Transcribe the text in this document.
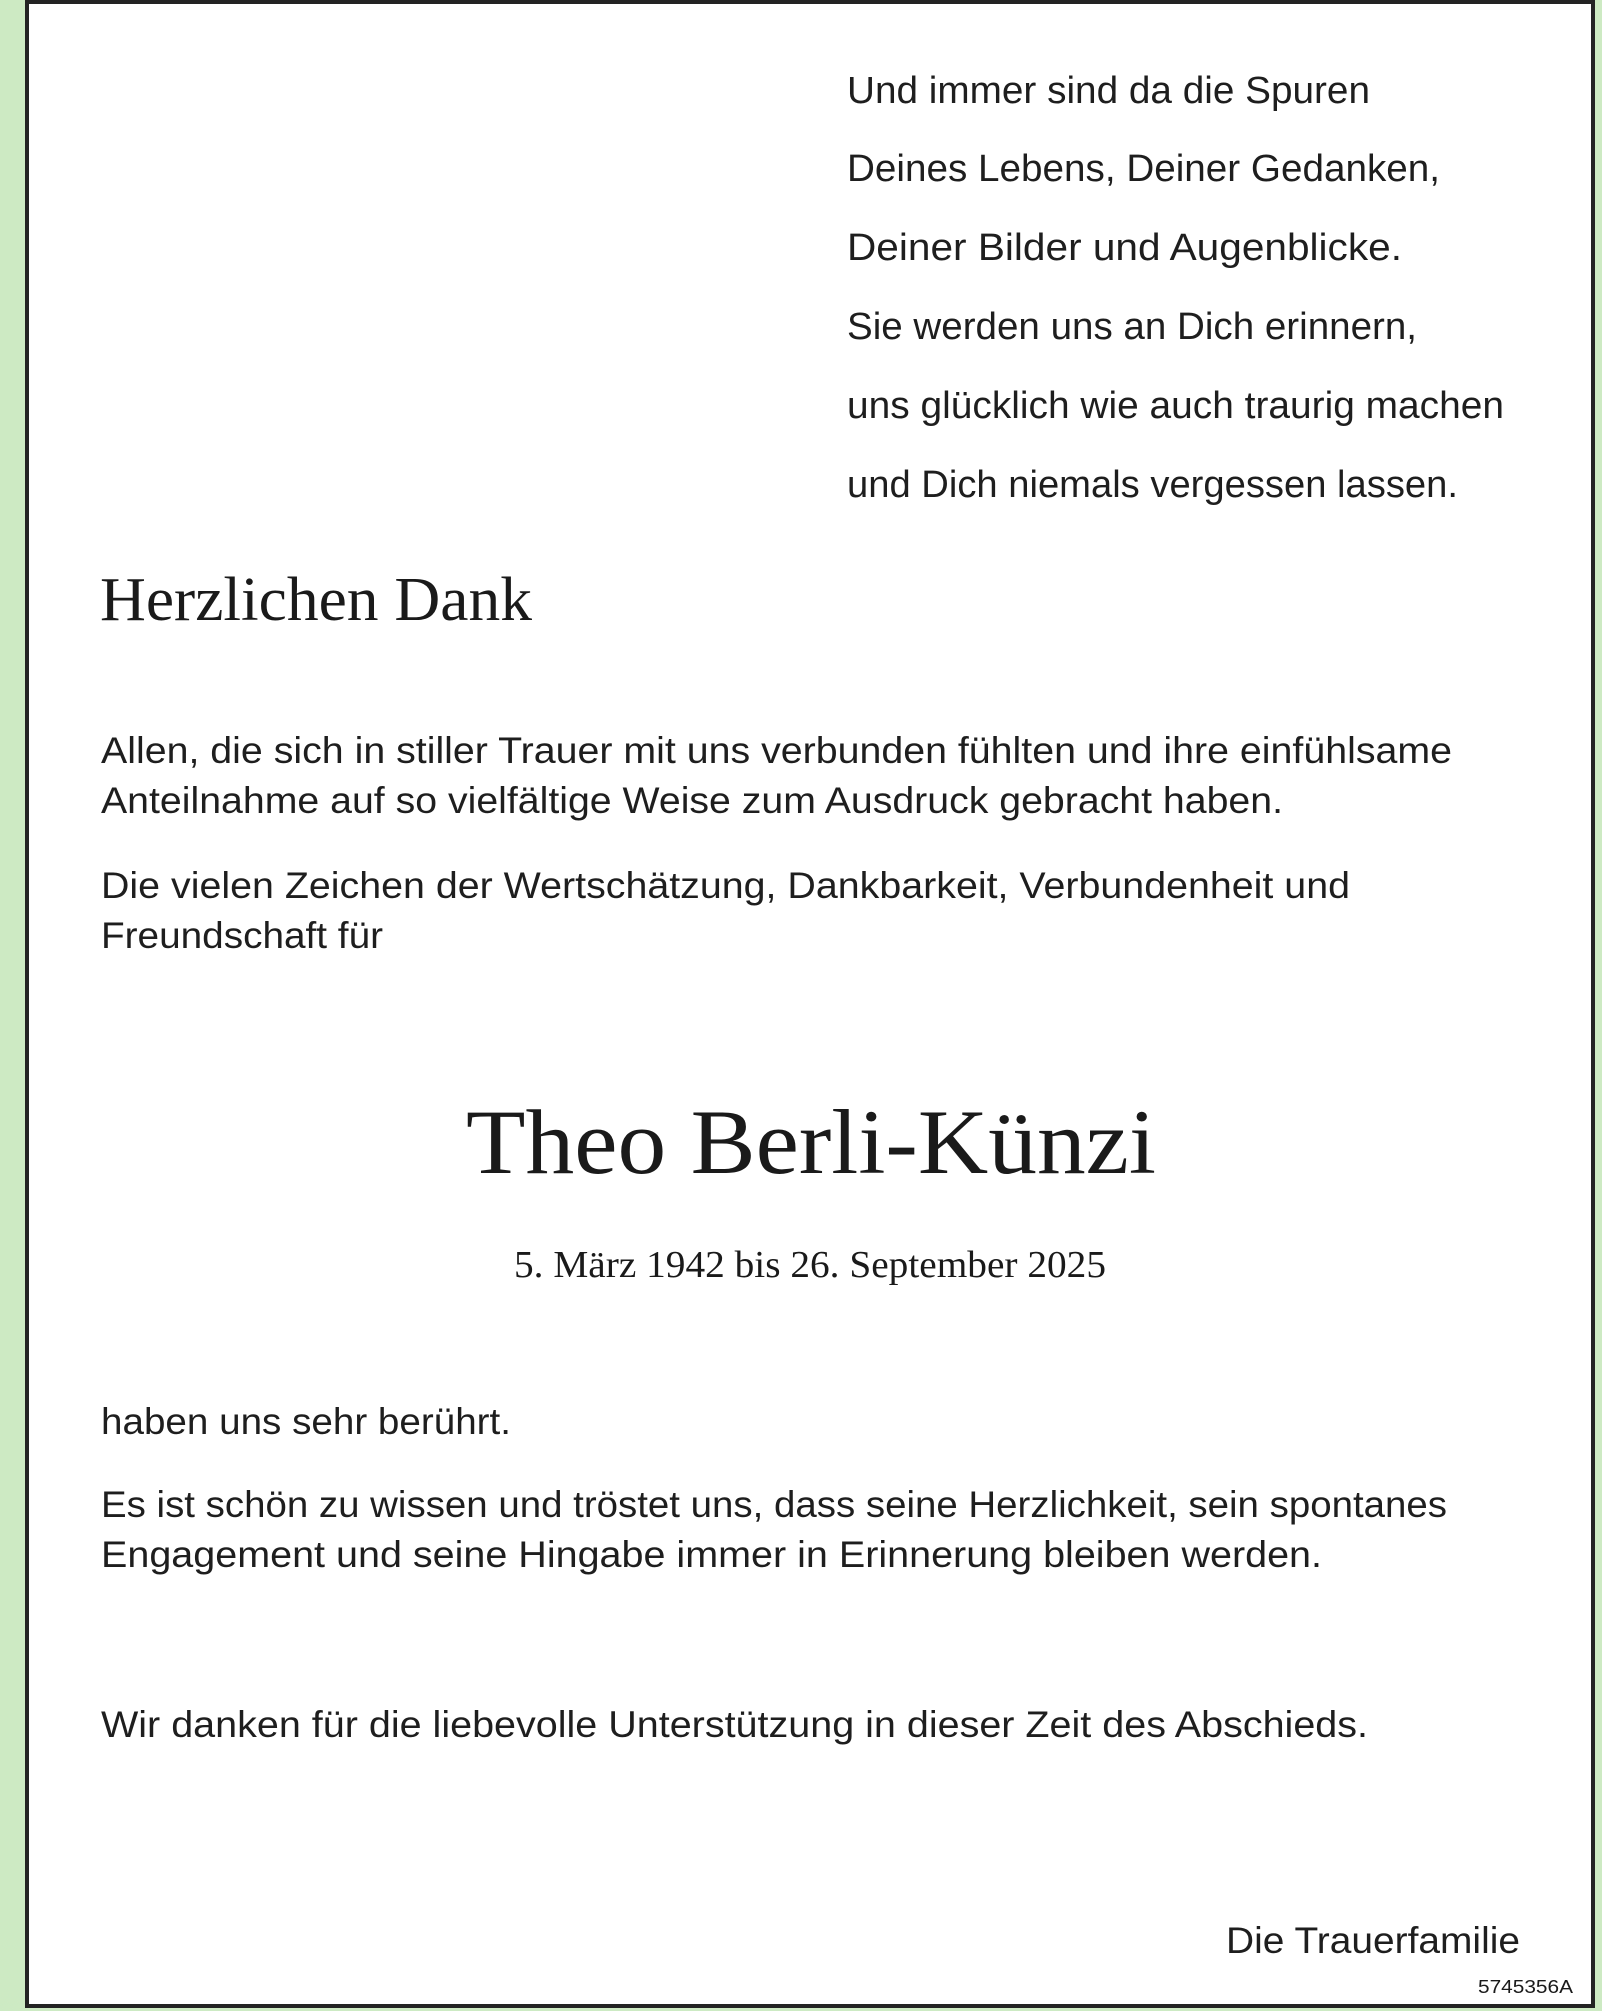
Und immer sind da die Spuren
Deines Lebens, Deiner Gedanken,
Deiner Bilder und Augenblicke.
Sie werden uns an Dich erinnern,
uns glücklich wie auch traurig machen
und Dich niemals vergessen lassen.
Herzlichen Dank
Allen, die sich in stiller Trauer mit uns verbunden fühlten und ihre einfühlsame
Anteilnahme auf so vielfältige Weise zum Ausdruck gebracht haben.
Die vielen Zeichen der Wertschätzung, Dankbarkeit, Verbundenheit und
Freundschaft für
Theo Berli-Künzi
5. März 1942 bis 26. September 2025
haben uns sehr berührt.
Es ist schön zu wissen und tröstet uns, dass seine Herzlichkeit, sein spontanes
Engagement und seine Hingabe immer in Erinnerung bleiben werden.
Wir danken für die liebevolle Unterstützung in dieser Zeit des Abschieds.
Die Trauerfamilie
5745356A
